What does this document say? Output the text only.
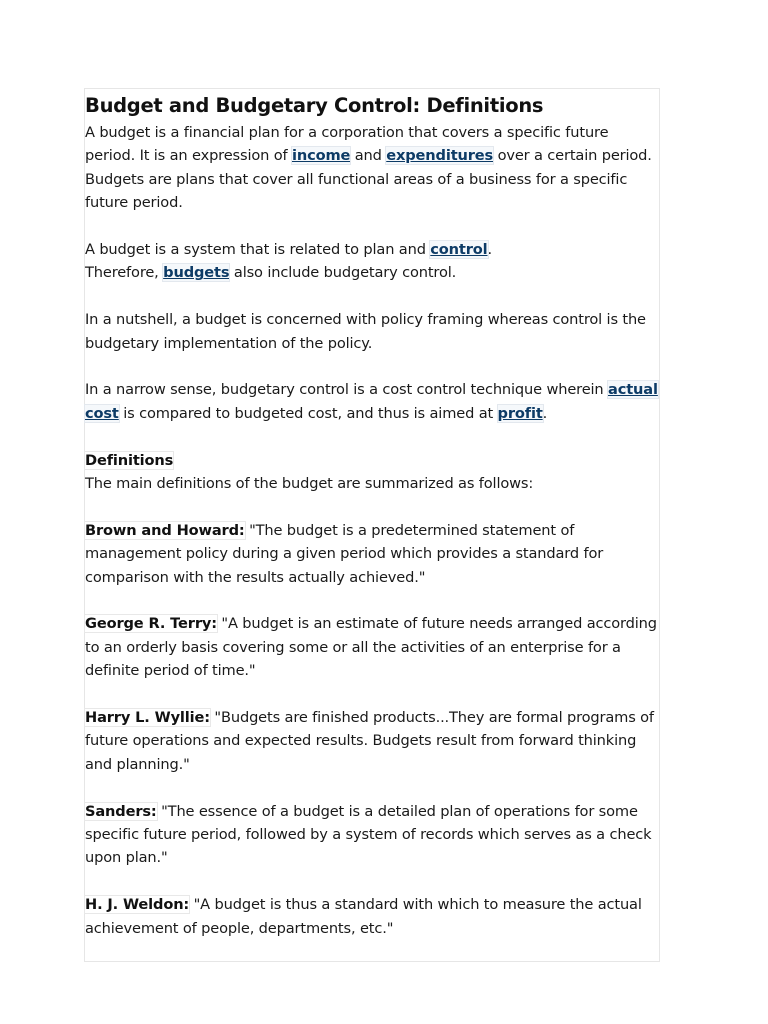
Budget and Budgetary Control: Definitions

A budget is a financial plan for a corporation that covers a specific future period. It is an expression of income and expenditures over a certain period. Budgets are plans that cover all functional areas of a business for a specific future period.

A budget is a system that is related to plan and control.
Therefore, budgets also include budgetary control.

In a nutshell, a budget is concerned with policy framing whereas control is the budgetary implementation of the policy.

In a narrow sense, budgetary control is a cost control technique wherein actual cost is compared to budgeted cost, and thus is aimed at profit.

Definitions

The main definitions of the budget are summarized as follows:

Brown and Howard: "The budget is a predetermined statement of management policy during a given period which provides a standard for comparison with the results actually achieved."

George R. Terry: "A budget is an estimate of future needs arranged according to an orderly basis covering some or all the activities of an enterprise for a definite period of time."

Harry L. Wyllie: "Budgets are finished products...They are formal programs of future operations and expected results. Budgets result from forward thinking and planning."

Sanders: "The essence of a budget is a detailed plan of operations for some specific future period, followed by a system of records which serves as a check upon plan."

H. J. Weldon: "A budget is thus a standard with which to measure the actual achievement of people, departments, etc."
